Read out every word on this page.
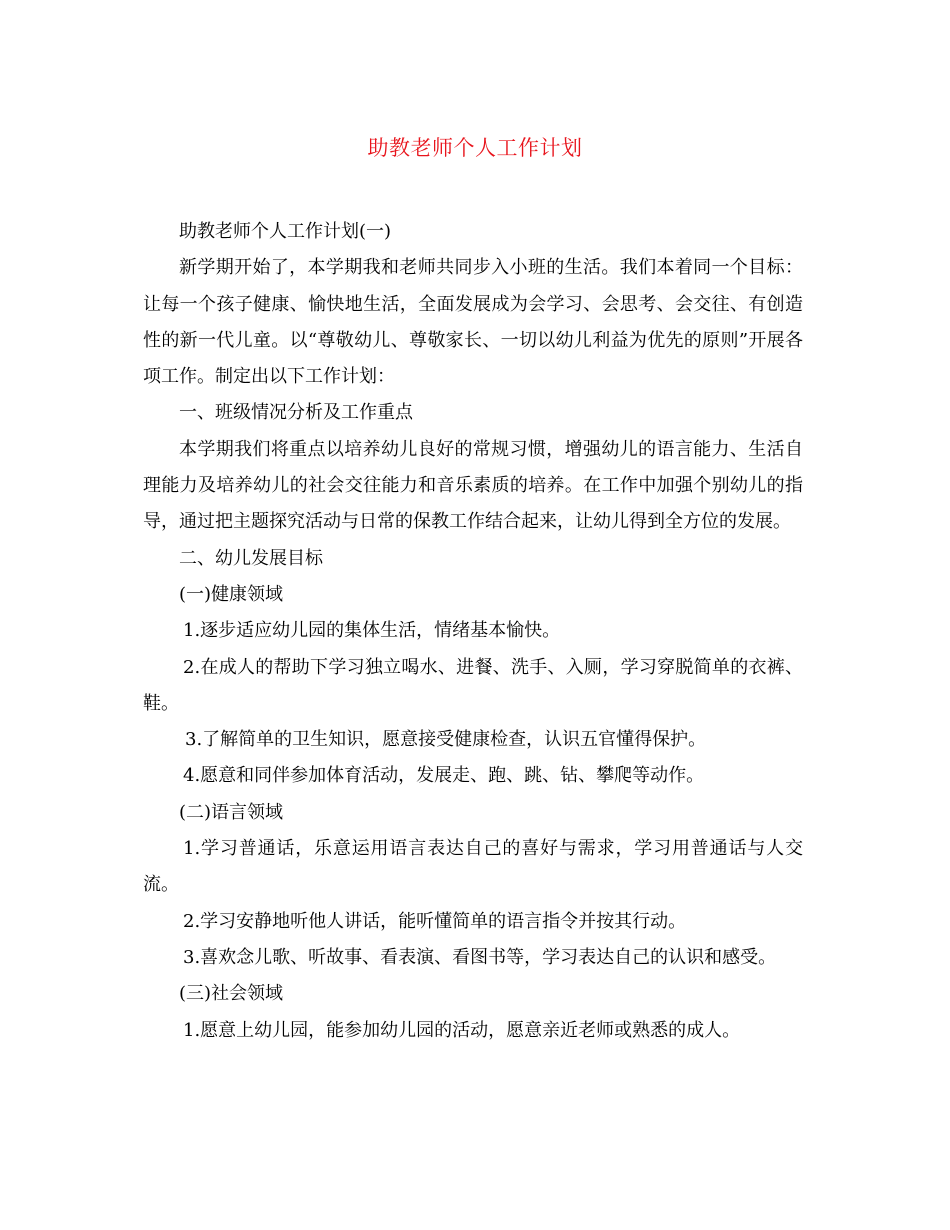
助教老师个人工作计划

助教老师个人工作计划(一)

新学期开始了，本学期我和老师共同步入小班的生活。我们本着同一个目标：让每一个孩子健康、愉快地生活，全面发展成为会学习、会思考、会交往、有创造性的新一代儿童。以“尊敬幼儿、尊敬家长、一切以幼儿利益为优先的原则”开展各项工作。制定出以下工作计划：

一、班级情况分析及工作重点

本学期我们将重点以培养幼儿良好的常规习惯，增强幼儿的语言能力、生活自理能力及培养幼儿的社会交往能力和音乐素质的培养。在工作中加强个别幼儿的指导，通过把主题探究活动与日常的保教工作结合起来，让幼儿得到全方位的发展。

二、幼儿发展目标

(一)健康领域

1.逐步适应幼儿园的集体生活，情绪基本愉快。

2.在成人的帮助下学习独立喝水、进餐、洗手、入厕，学习穿脱简单的衣裤、鞋。

3.了解简单的卫生知识，愿意接受健康检查，认识五官懂得保护。

4.愿意和同伴参加体育活动，发展走、跑、跳、钻、攀爬等动作。

(二)语言领域

1.学习普通话，乐意运用语言表达自己的喜好与需求，学习用普通话与人交流。

2.学习安静地听他人讲话，能听懂简单的语言指令并按其行动。

3.喜欢念儿歌、听故事、看表演、看图书等，学习表达自己的认识和感受。

(三)社会领域

1.愿意上幼儿园，能参加幼儿园的活动，愿意亲近老师或熟悉的成人。
